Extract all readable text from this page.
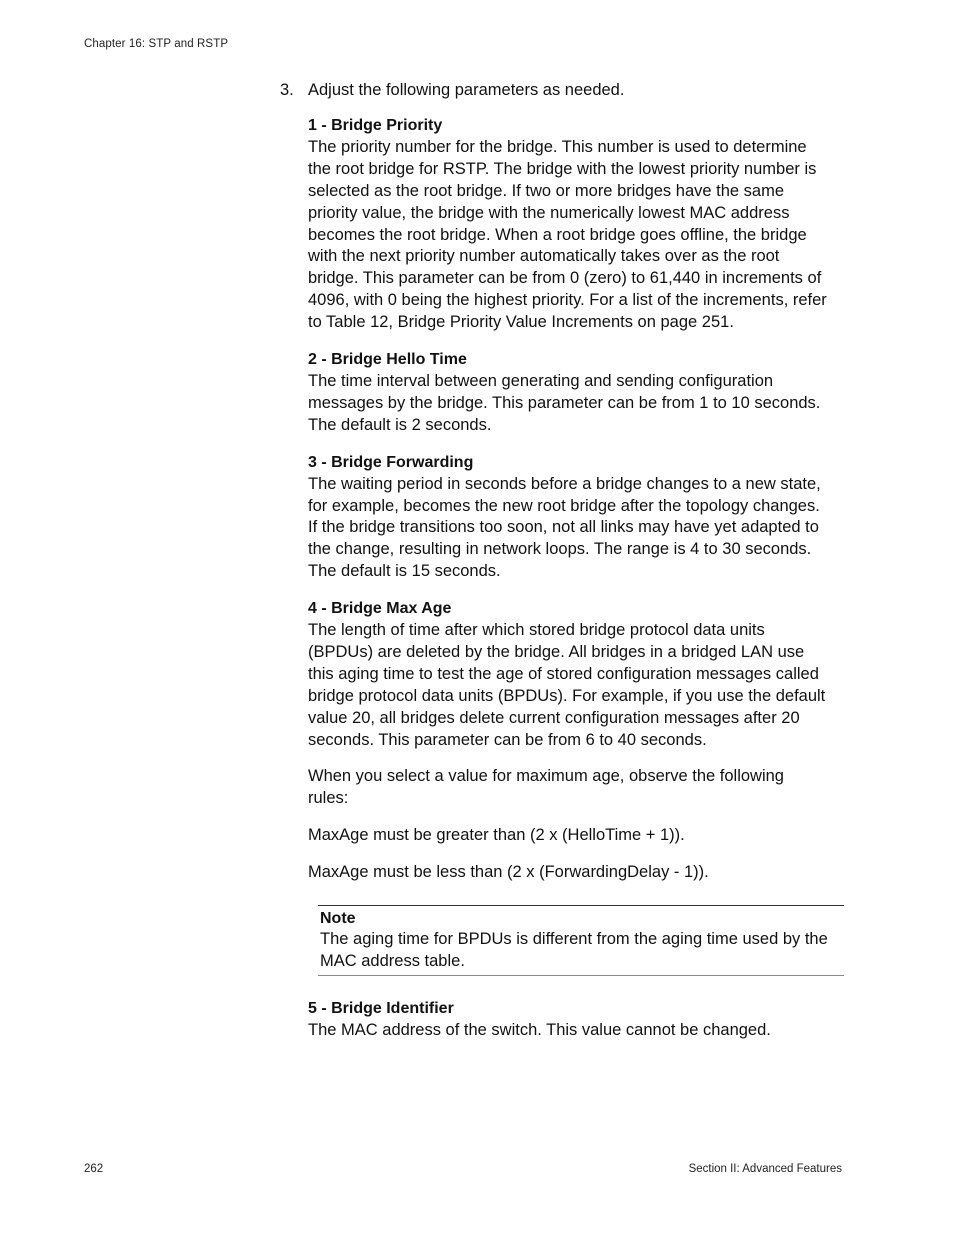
Chapter 16: STP and RSTP
3. Adjust the following parameters as needed.
1 - Bridge Priority

The priority number for the bridge. This number is used to determine the root bridge for RSTP. The bridge with the lowest priority number is selected as the root bridge. If two or more bridges have the same priority value, the bridge with the numerically lowest MAC address becomes the root bridge. When a root bridge goes offline, the bridge with the next priority number automatically takes over as the root bridge. This parameter can be from 0 (zero) to 61,440 in increments of 4096, with 0 being the highest priority. For a list of the increments, refer to Table 12, Bridge Priority Value Increments on page 251.

2 - Bridge Hello Time

The time interval between generating and sending configuration messages by the bridge. This parameter can be from 1 to 10 seconds. The default is 2 seconds.

3 - Bridge Forwarding

The waiting period in seconds before a bridge changes to a new state, for example, becomes the new root bridge after the topology changes. If the bridge transitions too soon, not all links may have yet adapted to the change, resulting in network loops. The range is 4 to 30 seconds. The default is 15 seconds.

4 - Bridge Max Age

The length of time after which stored bridge protocol data units (BPDUs) are deleted by the bridge. All bridges in a bridged LAN use this aging time to test the age of stored configuration messages called bridge protocol data units (BPDUs). For example, if you use the default value 20, all bridges delete current configuration messages after 20 seconds. This parameter can be from 6 to 40 seconds.

When you select a value for maximum age, observe the following rules:

MaxAge must be greater than (2 x (HelloTime + 1)).

MaxAge must be less than (2 x (ForwardingDelay - 1)).

Note
The aging time for BPDUs is different from the aging time used by the MAC address table.
5 - Bridge Identifier

The MAC address of the switch. This value cannot be changed.

262	Section II: Advanced Features
